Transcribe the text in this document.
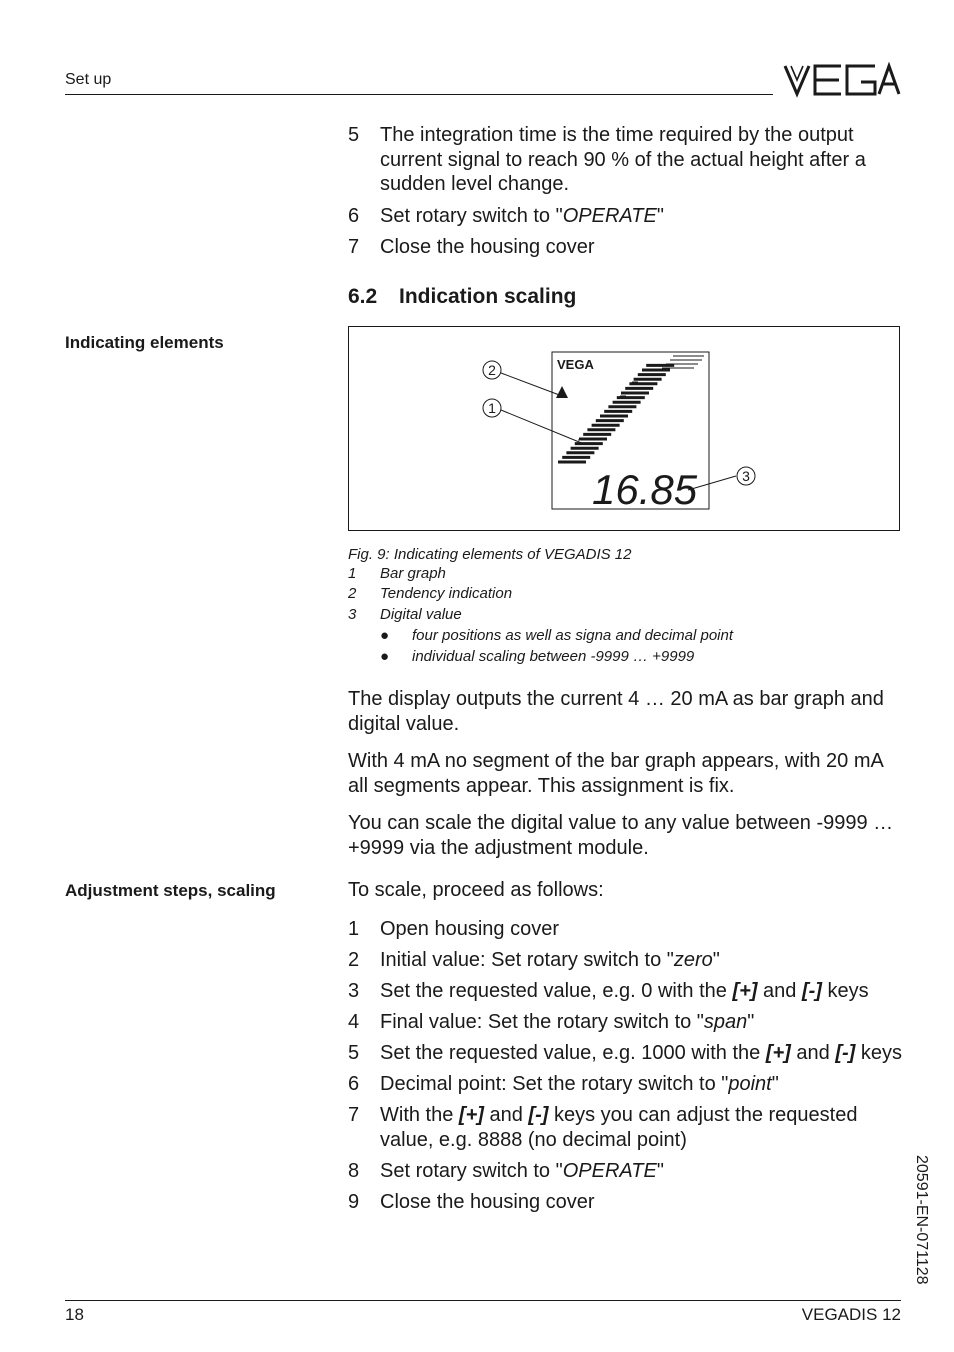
Set up
5 The integration time is the time required by the output current signal to reach 90 % of the actual height after a sudden level change.
6 Set rotary switch to "OPERATE"
7 Close the housing cover
6.2 Indication scaling
Indicating elements
VEGA
16.85
2
1
3
Fig. 9: Indicating elements of VEGADIS 12
1 Bar graph
2 Tendency indication
3 Digital value
● four positions as well as signa and decimal point
● individual scaling between -9999 … +9999
The display outputs the current 4 … 20 mA as bar graph and digital value.
With 4 mA no segment of the bar graph appears, with 20 mA all segments appear. This assignment is fix.
You can scale the digital value to any value between -9999 … +9999 via the adjustment module.
Adjustment steps, scaling	To scale, proceed as follows:
1 Open housing cover
2 Initial value: Set rotary switch to "zero"
3 Set the requested value, e.g. 0 with the [+] and [-] keys
4 Final value: Set the rotary switch to "span"
5 Set the requested value, e.g. 1000 with the [+] and [-] keys
6 Decimal point: Set the rotary switch to "point"
7 With the [+] and [-] keys you can adjust the requested value, e.g. 8888 (no decimal point)
8 Set rotary switch to "OPERATE"
9 Close the housing cover	20591-EN-071128
18	VEGADIS 12
